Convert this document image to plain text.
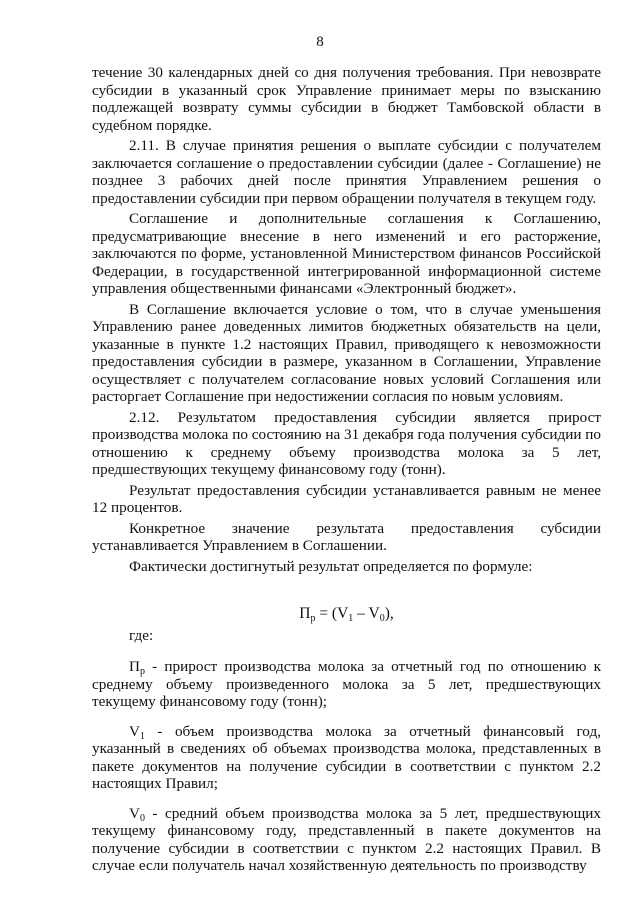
8

течение 30 календарных дней со дня получения требования. При невозврате субсидии в указанный срок Управление принимает меры по взысканию подлежащей возврату суммы субсидии в бюджет Тамбовской области в судебном порядке.

2.11. В случае принятия решения о выплате субсидии с получателем заключается соглашение о предоставлении субсидии (далее - Соглашение) не позднее 3 рабочих дней после принятия Управлением решения о предоставлении субсидии при первом обращении получателя в текущем году.

Соглашение и дополнительные соглашения к Соглашению, предусматривающие внесение в него изменений и его расторжение, заключаются по форме, установленной Министерством финансов Российской Федерации, в государственной интегрированной информационной системе управления общественными финансами «Электронный бюджет».

В Соглашение включается условие о том, что в случае уменьшения Управлению ранее доведенных лимитов бюджетных обязательств на цели, указанные в пункте 1.2 настоящих Правил, приводящего к невозможности предоставления субсидии в размере, указанном в Соглашении, Управление осуществляет с получателем согласование новых условий Соглашения или расторгает Соглашение при недостижении согласия по новым условиям.

2.12. Результатом предоставления субсидии является прирост производства молока по состоянию на 31 декабря года получения субсидии по отношению к среднему объему производства молока за 5 лет, предшествующих текущему финансовому году (тонн).

Результат предоставления субсидии устанавливается равным не менее 12 процентов.

Конкретное значение результата предоставления субсидии устанавливается Управлением в Соглашении.

Фактически достигнутый результат определяется по формуле:

$П_p = (V_1 - V_0)$,
где:

$П_р$ - прирост производства молока за отчетный год по отношению к среднему объему произведенного молока за 5 лет, предшествующих текущему финансовому году (тонн);

$V_1$ - объем производства молока за отчетный финансовый год, указанный в сведениях об объемах производства молока, представленных в пакете документов на получение субсидии в соответствии с пунктом 2.2 настоящих Правил;

$V_0$ - средний объем производства молока за 5 лет, предшествующих текущему финансовому году, представленный в пакете документов на получение субсидии в соответствии с пунктом 2.2 настоящих Правил. В случае если получатель начал хозяйственную деятельность по производству
